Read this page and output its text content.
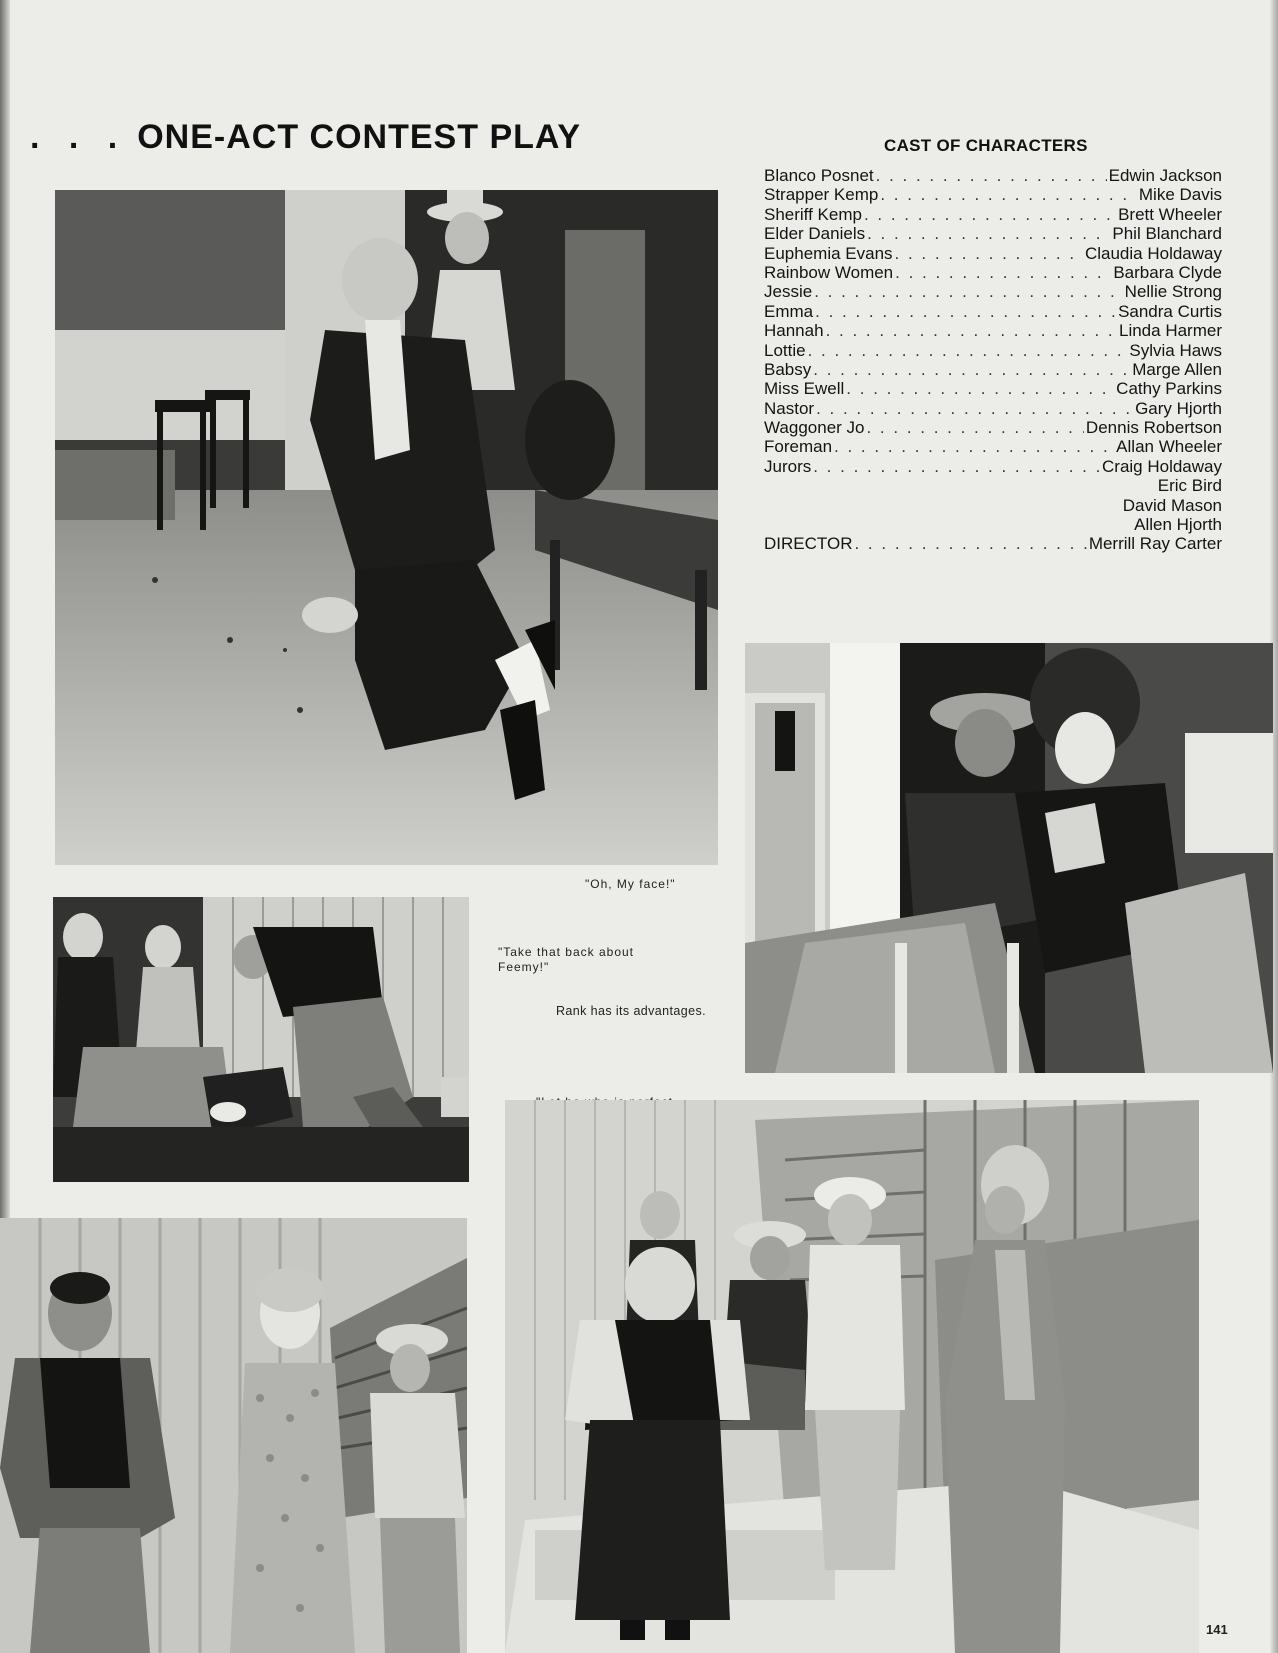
. . . ONE-ACT CONTEST PLAY	CAST OF CHARACTERS
Blanco Posnet . . .	Edwin Jackson
Strapper Kemp . . .	Mike Davis
Sheriff Kemp . . .	Brett Wheeler
Elder Daniels . . .	Phil Blanchard
Euphemia Evans . . .	Claudia Holdaway
Rainbow Women . . .	Barbara Clyde
Jessie . . .	Nellie Strong
Emma . . .	Sandra Curtis
Hannah . . .	Linda Harmer
Lottie . . .	Sylvia Haws
Babsy . . .	Marge Allen
Miss Ewell . . .	Cathy Parkins
Nastor . . .	Gary Hjorth
Waggoner Jo . . .	Dennis Robertson
Foreman . . .	Allan Wheeler
Jurors . . .	Craig Holdaway
Eric Bird
David Mason
Allen Hjorth
DIRECTOR . . .	Merrill Ray Carter
"Oh, My face!"
"Take that back about Feemy!"
Rank has its advantages.
141
